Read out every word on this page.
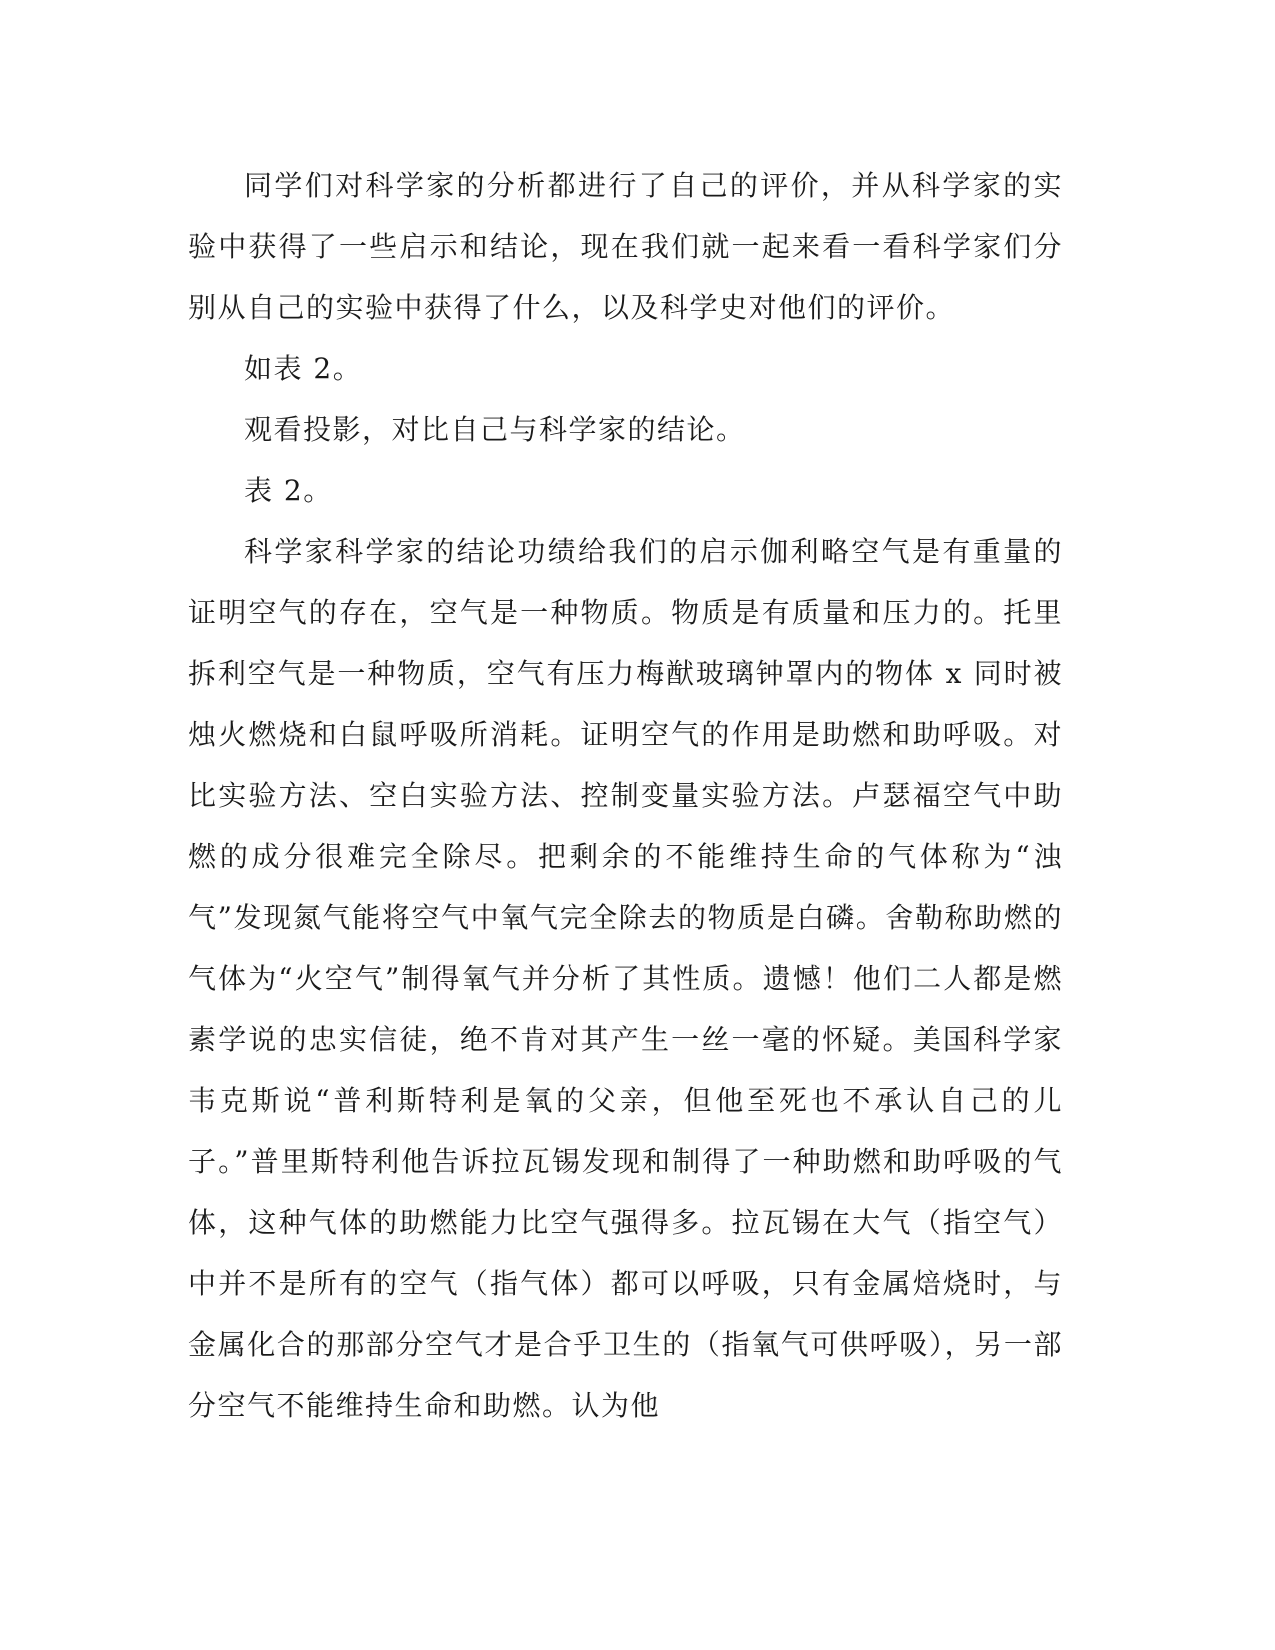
同学们对科学家的分析都进行了自己的评价，并从科学家的实验中获得了一些启示和结论，现在我们就一起来看一看科学家们分别从自己的实验中获得了什么，以及科学史对他们的评价。

如表 2。

观看投影，对比自己与科学家的结论。

表 2。

科学家科学家的结论功绩给我们的启示伽利略空气是有重量的证明空气的存在，空气是一种物质。物质是有质量和压力的。托里拆利空气是一种物质，空气有压力梅猷玻璃钟罩内的物体 x 同时被烛火燃烧和白鼠呼吸所消耗。证明空气的作用是助燃和助呼吸。对比实验方法、空白实验方法、控制变量实验方法。卢瑟福空气中助燃的成分很难完全除尽。把剩余的不能维持生命的气体称为“浊气”发现氮气能将空气中氧气完全除去的物质是白磷。舍勒称助燃的气体为“火空气”制得氧气并分析了其性质。遗憾！他们二人都是燃素学说的忠实信徒，绝不肯对其产生一丝一毫的怀疑。美国科学家韦克斯说“普利斯特利是氧的父亲，但他至死也不承认自己的儿子。”普里斯特利他告诉拉瓦锡发现和制得了一种助燃和助呼吸的气体，这种气体的助燃能力比空气强得多。拉瓦锡在大气（指空气）中并不是所有的空气（指气体）都可以呼吸，只有金属焙烧时，与金属化合的那部分空气才是合乎卫生的（指氧气可供呼吸），另一部分空气不能维持生命和助燃。认为他
